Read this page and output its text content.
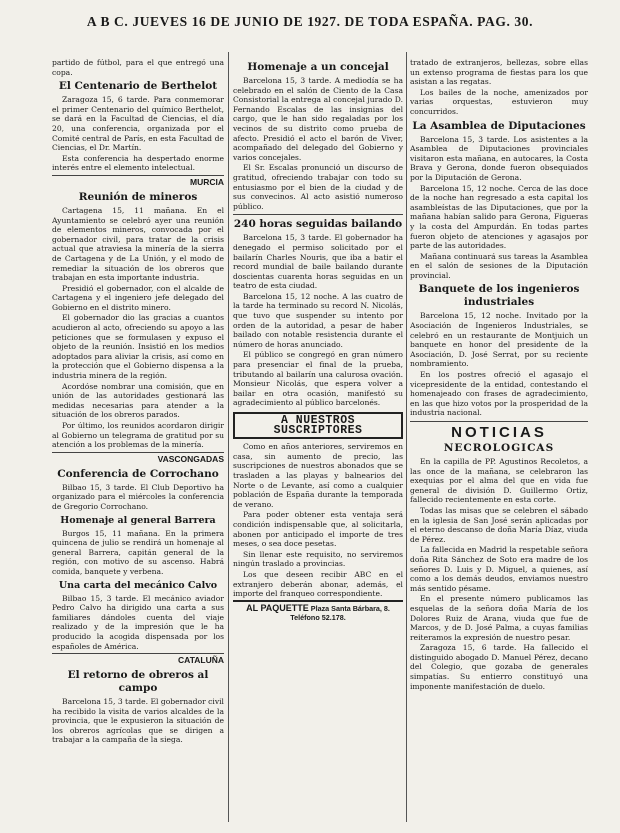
A B C. JUEVES 16 DE JUNIO DE 1927. DE TODA ESPAÑA. PAG. 30.

partido de fútbol, para el que entregó una copa.

El Centenario de Berthelot

Zaragoza 15, 6 tarde. Para conmemorar el primer Centenario del químico Berthelot, se dará en la Facultad de Ciencias, el día 20, una conferencia, organizada por el Comité central de París, en esta Facultad de Ciencias, el Dr. Martín.

Esta conferencia ha despertado enorme interés entre el elemento intelectual.

MURCIA
Reunión de mineros

Cartagena 15, 11 mañana. En el Ayuntamiento se celebró ayer una reunión de elementos mineros, convocada por el gobernador civil, para tratar de la crisis actual que atraviesa la minería de la sierra de Cartagena y de La Unión, y el modo de remediar la situación de los obreros que trabajan en esta importante industria.

Presidió el gobernador, con el alcalde de Cartagena y el ingeniero jefe delegado del Gobierno en el distrito minero.

El gobernador dio las gracias a cuantos acudieron al acto, ofreciendo su apoyo a las peticiones que se formulasen y expuso el objeto de la reunión. Insistió en los medios adoptados para aliviar la crisis, así como en la protección que el Gobierno dispensa a la industria minera de la región.

Acordóse nombrar una comisión, que en unión de las autoridades gestionará las medidas necesarias para atender a la situación de los obreros parados.

Por último, los reunidos acordaron dirigir al Gobierno un telegrama de gratitud por su atención a los problemas de la minería.

VASCONGADAS
Conferencia de Corrochano

Bilbao 15, 3 tarde. El Club Deportivo ha organizado para el miércoles la conferencia de Gregorio Corrochano.

Homenaje al general Barrera

Burgos 15, 11 mañana. En la primera quincena de julio se rendirá un homenaje al general Barrera, capitán general de la región, con motivo de su ascenso. Habrá comida, banquete y verbena.

Una carta del mecánico Calvo

Bilbao 15, 3 tarde. El mecánico aviador Pedro Calvo ha dirigido una carta a sus familiares dándoles cuenta del viaje realizado y de la impresión que le ha producido la acogida dispensada por los españoles de América.

CATALUÑA
El retorno de obreros al campo

Barcelona 15, 3 tarde. El gobernador civil ha recibido la visita de varios alcaldes de la provincia, que le expusieron la situación de los obreros agrícolas que se dirigen a trabajar a la campaña de la siega.

Homenaje a un concejal

Barcelona 15, 3 tarde. A mediodía se ha celebrado en el salón de Ciento de la Casa Consistorial la entrega al concejal jurado D. Fernando Escalas de las insignias del cargo, que le han sido regaladas por los vecinos de su distrito como prueba de afecto. Presidió el acto el barón de Viver, acompañado del delegado del Gobierno y varios concejales.

El Sr. Escalas pronunció un discurso de gratitud, ofreciendo trabajar con todo su entusiasmo por el bien de la ciudad y de sus convecinos. Al acto asistió numeroso público.

240 horas seguidas bailando

Barcelona 15, 3 tarde. El gobernador ha denegado el permiso solicitado por el bailarín Charles Nouris, que iba a batir el record mundial de baile bailando durante doscientas cuarenta horas seguidas en un teatro de esta ciudad.

Barcelona 15, 12 noche. A las cuatro de la tarde ha terminado su record N. Nicolás, que tuvo que suspender su intento por orden de la autoridad, a pesar de haber bailado con notable resistencia durante el número de horas anunciado.

El público se congregó en gran número para presenciar el final de la prueba, tributando al bailarín una calurosa ovación. Monsieur Nicolás, que espera volver a bailar en otra ocasión, manifestó su agradecimiento al público barcelonés.

A NUESTROS SUSCRIPTORES

Como en años anteriores, serviremos en casa, sin aumento de precio, las suscripciones de nuestros abonados que se trasladen a las playas y balnearios del Norte o de Levante, así como a cualquier población de España durante la temporada de verano.

Para poder obtener esta ventaja será condición indispensable que, al solicitarla, abonen por anticipado el importe de tres meses, o sea doce pesetas.

Sin llenar este requisito, no serviremos ningún traslado a provincias.

Los que deseen recibir ABC en el extranjero deberán abonar, además, el importe del franqueo correspondiente.

AL PAQUETTE Plaza Santa Bárbara, 8. Teléfono 52.178.

tratado de extranjeros, bellezas, sobre ellas un extenso programa de fiestas para los que asistan a las regatas.

Los bailes de la noche, amenizados por varias orquestas, estuvieron muy concurridos.

La Asamblea de Diputaciones

Barcelona 15, 3 tarde. Los asistentes a la Asamblea de Diputaciones provinciales visitaron esta mañana, en autocares, la Costa Brava y Gerona, donde fueron obsequiados por la Diputación de Gerona.

Barcelona 15, 12 noche. Cerca de las doce de la noche han regresado a esta capital los asambleístas de las Diputaciones, que por la mañana habían salido para Gerona, Figueras y la costa del Ampurdán. En todas partes fueron objeto de atenciones y agasajos por parte de las autoridades.

Mañana continuará sus tareas la Asamblea en el salón de sesiones de la Diputación provincial.

Banquete de los ingenieros industriales

Barcelona 15, 12 noche. Invitado por la Asociación de Ingenieros Industriales, se celebró en un restaurante de Montjuich un banquete en honor del presidente de la Asociación, D. José Serrat, por su reciente nombramiento.

En los postres ofreció el agasajo el vicepresidente de la entidad, contestando el homenajeado con frases de agradecimiento, en las que hizo votos por la prosperidad de la industria nacional.

NOTICIAS
NECROLOGICAS

En la capilla de PP. Agustinos Recoletos, a las once de la mañana, se celebraron las exequias por el alma del que en vida fue general de división D. Guillermo Ortiz, fallecido recientemente en esta corte.

Todas las misas que se celebren el sábado en la iglesia de San José serán aplicadas por el eterno descanso de doña María Díaz, viuda de Pérez.

La fallecida en Madrid la respetable señora doña Rita Sánchez de Soto era madre de los señores D. Luis y D. Miguel, a quienes, así como a los demás deudos, enviamos nuestro más sentido pésame.

En el presente número publicamos las esquelas de la señora doña María de los Dolores Ruiz de Arana, viuda que fue de Marcos, y de D. José Palma, a cuyas familias reiteramos la expresión de nuestro pesar.

Zaragoza 15, 6 tarde. Ha fallecido el distinguido abogado D. Manuel Pérez, decano del Colegio, que gozaba de generales simpatías. Su entierro constituyó una imponente manifestación de duelo.
